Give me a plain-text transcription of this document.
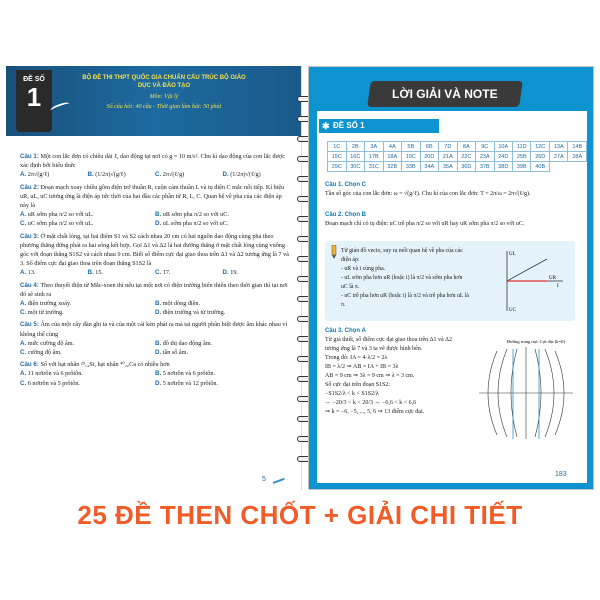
ĐỀ SỐ
1
BỘ ĐỀ THI THPT QUỐC GIA CHUẨN CẤU TRÚC BỘ GIÁO DỤC VÀ ĐÀO TẠO
Môn: Vật lý
Số câu hỏi: 40 câu - Thời gian làm bài: 50 phút
Câu 1: Một con lắc đơn có chiều dài ℓ, dao động tại nơi có g = 10 m/s². Chu kì dao động của con lắc được xác định bởi biểu thức
A. 2π√(g/ℓ)	B. (1/2π)√(g/ℓ)	C. 2π√(ℓ/g)	D. (1/2π)√(ℓ/g)
Câu 2: Đoạn mạch xoay chiều gồm điện trở thuần R, cuộn cảm thuần L và tụ điện C mắc nối tiếp. Kí hiệu uR, uL, uC tương ứng là điện áp tức thời của hai đầu các phần tử R, L, C. Quan hệ về pha của các điện áp này là
A. uR sớm pha π/2 so với uL.	B. uR sớm pha π/2 so với uC.
C. uC sớm pha π/2 so với uL.	D. uL sớm pha π/2 so với uC.
Câu 3: Ở mặt chất lỏng, tại hai điểm S1 và S2 cách nhau 20 cm có hai nguồn dao động cùng pha theo phương thẳng đứng phát ra hai sóng kết hợp. Gọi Δ1 và Δ2 là hai đường thẳng ở mặt chất lỏng cùng vuông góc với đoạn thẳng S1S2 và cách nhau 9 cm. Biết số điểm cực đại giao thoa trên Δ1 và Δ2 tương ứng là 7 và 3. Số điểm cực đại giao thoa trên đoạn thẳng S1S2 là
A. 13.	B. 15.	C. 17.	D. 19.
Câu 4: Theo thuyết điện từ Mắc-xoen thì nếu tại một nơi có điện trường biến thiên theo thời gian thì tại nơi đó sẽ sinh ra
A. điện trường xoáy.	B. một dòng điện.
C. một từ trường.	D. điện trường và từ trường.
Câu 5: Âm của một cây đàn ghi ta và của một cái kèn phát ra mà tai người phân biệt được âm khác nhau vì không thể cùng
A. mức cường độ âm.	B. đồ thị dao động âm.
C. cường độ âm.	D. tần số âm.
Câu 6: Số với hạt nhân ²⁹₁₄Si, hạt nhân ⁴⁰₂₀Ca có nhiều hơn
A. 11 nơtrôn và 6 prôtôn.	B. 5 nơtrôn và 6 prôtôn.
C. 6 nơtrôn và 5 prôtôn.	D. 5 nơtrôn và 12 prôtôn.
5
LỜI GIẢI VÀ NOTE
✱ ĐỀ SỐ 1
1C	2B	3A	4A	5B	6B	7D	8A	9C	10A	11D	12C	13A	14B
15C	16C	17B	18A	19C	20D	21A	22C	23A	24D	25B	26D	27A	28A
29C	30C	31C	32B	33B	34A	35A	36D	37B	38D	39B	40B		
Câu 1. Chọn C
Tần số góc của con lắc đơn: ω = √(g/ℓ). Chu kì của con lắc đơn: T = 2π/ω = 2π√(ℓ/g).
Câu 2. Chọn B
Đoạn mạch chỉ có tụ điện: uC trễ pha π/2 so với uR hay uR sớm pha π/2 so với uC.
Từ giản đồ vecto, suy ra mối quan hệ về pha của các điện áp:
- uR và i cùng pha.
- uL sớm pha hơn uR (hoặc i) là π/2 và sớm pha hơn uC là π.
- uC trễ pha hơn uR (hoặc i) là π/2 và trễ pha hơn uL là π.
UL
UR
I
UC
Câu 3. Chọn A
Từ giả thiết, số điểm cực đại giao thoa trên Δ1 và Δ2 tương ứng là 7 và 3 ta vẽ được hình bên.
Trong đó: IA = 4·λ/2 = 2λ
IB = λ/2 ⇒ AB = IA + IB = 3λ
AB = 9 cm ⇒ 3λ = 9 cm ⇒ λ = 3 cm.
Số cực đại trên đoạn S1S2:
−S1S2/λ < k < S1S2/λ
⇔ −20/3 < k < 20/3 ⇔ −6,6 < k < 6,6
⇒ k = −6, −5, ..., 5, 6 ⇒ 13 điểm cực đại.
Đường trung trực Cực đại (k=0)
183
25 ĐỀ THEN CHỐT + GIẢI CHI TIẾT
